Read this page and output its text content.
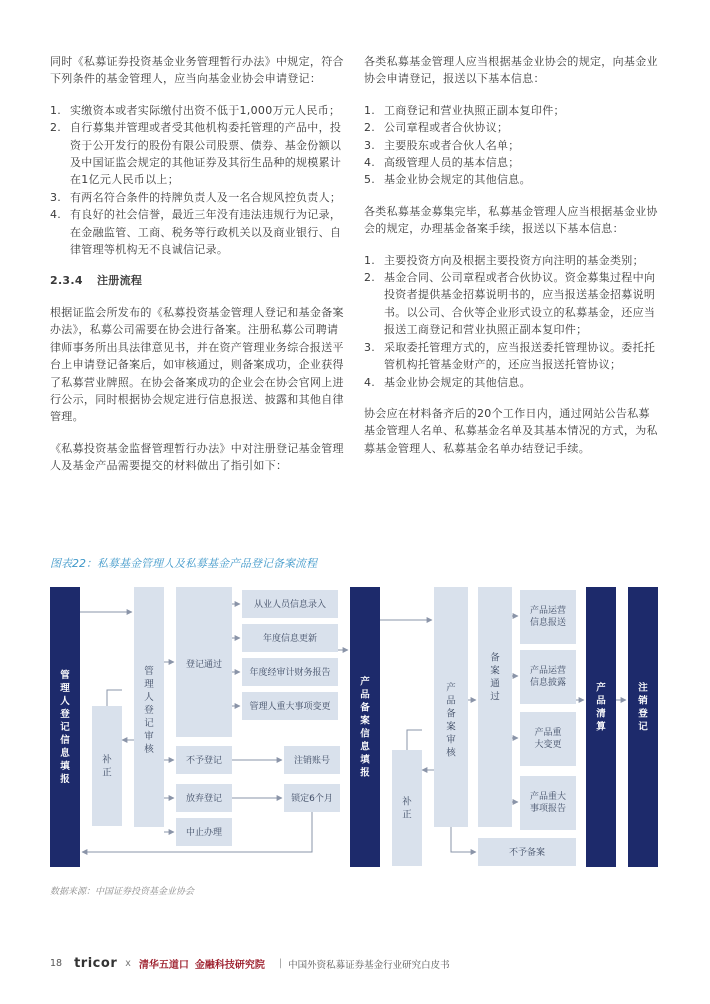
同时《私募证券投资基金业务管理暂行办法》中规定，符合下列条件的基金管理人，应当向基金业协会申请登记：

1. 实缴资本或者实际缴付出资不低于1,000万元人民币；
2. 自行募集并管理或者受其他机构委托管理的产品中，投资于公开发行的股份有限公司股票、债券、基金份额以及中国证监会规定的其他证券及其衍生品种的规模累计在1亿元人民币以上；
3. 有两名符合条件的持牌负责人及一名合规风控负责人；
4. 有良好的社会信誉，最近三年没有违法违规行为记录，在金融监管、工商、税务等行政机关以及商业银行、自律管理等机构无不良诚信记录。
2.3.4 注册流程

根据证监会所发布的《私募投资基金管理人登记和基金备案办法》，私募公司需要在协会进行备案。注册私募公司聘请律师事务所出具法律意见书，并在资产管理业务综合报送平台上申请登记备案后，如审核通过，则备案成功，企业获得了私募营业牌照。在协会备案成功的企业会在协会官网上进行公示，同时根据协会规定进行信息报送、披露和其他自律管理。

《私募投资基金监督管理暂行办法》中对注册登记基金管理人及基金产品需要提交的材料做出了指引如下：

各类私募基金管理人应当根据基金业协会的规定，向基金业协会申请登记，报送以下基本信息：

1. 工商登记和营业执照正副本复印件；
2. 公司章程或者合伙协议；
3. 主要股东或者合伙人名单；
4. 高级管理人员的基本信息；
5. 基金业协会规定的其他信息。

各类私募基金募集完毕，私募基金管理人应当根据基金业协会的规定，办理基金备案手续，报送以下基本信息：

1. 主要投资方向及根据主要投资方向注明的基金类别；
2. 基金合同、公司章程或者合伙协议。资金募集过程中向投资者提供基金招募说明书的，应当报送基金招募说明书。以公司、合伙等企业形式设立的私募基金，还应当报送工商登记和营业执照正副本复印件；
3. 采取委托管理方式的，应当报送委托管理协议。委托托管机构托管基金财产的，还应当报送托管协议；
4. 基金业协会规定的其他信息。

协会应在材料备齐后的20个工作日内，通过网站公告私募基金管理人名单、私募基金名单及其基本情况的方式，为私募基金管理人、私募基金名单办结登记手续。

图表22：私募基金管理人及私募基金产品登记备案流程
管理人登记信息填报
补正
管理人登记审核
产品备案信息填报
补正
产品备案审核
备案通过
产品清算
注销登记
登记通过
从业人员信息录入
年度信息更新
年度经审计财务报告
管理人重大事项变更
不予登记
放弃登记
中止办理
注销账号
锁定6个月
不予备案
产品运营信息报送
产品运营信息披露
产品重大变更
产品重大事项报告
数据来源：中国证券投资基金业协会
18 tricor x 清华五道口 金融科技研究院 | 中国外资私募证券基金行业研究白皮书
